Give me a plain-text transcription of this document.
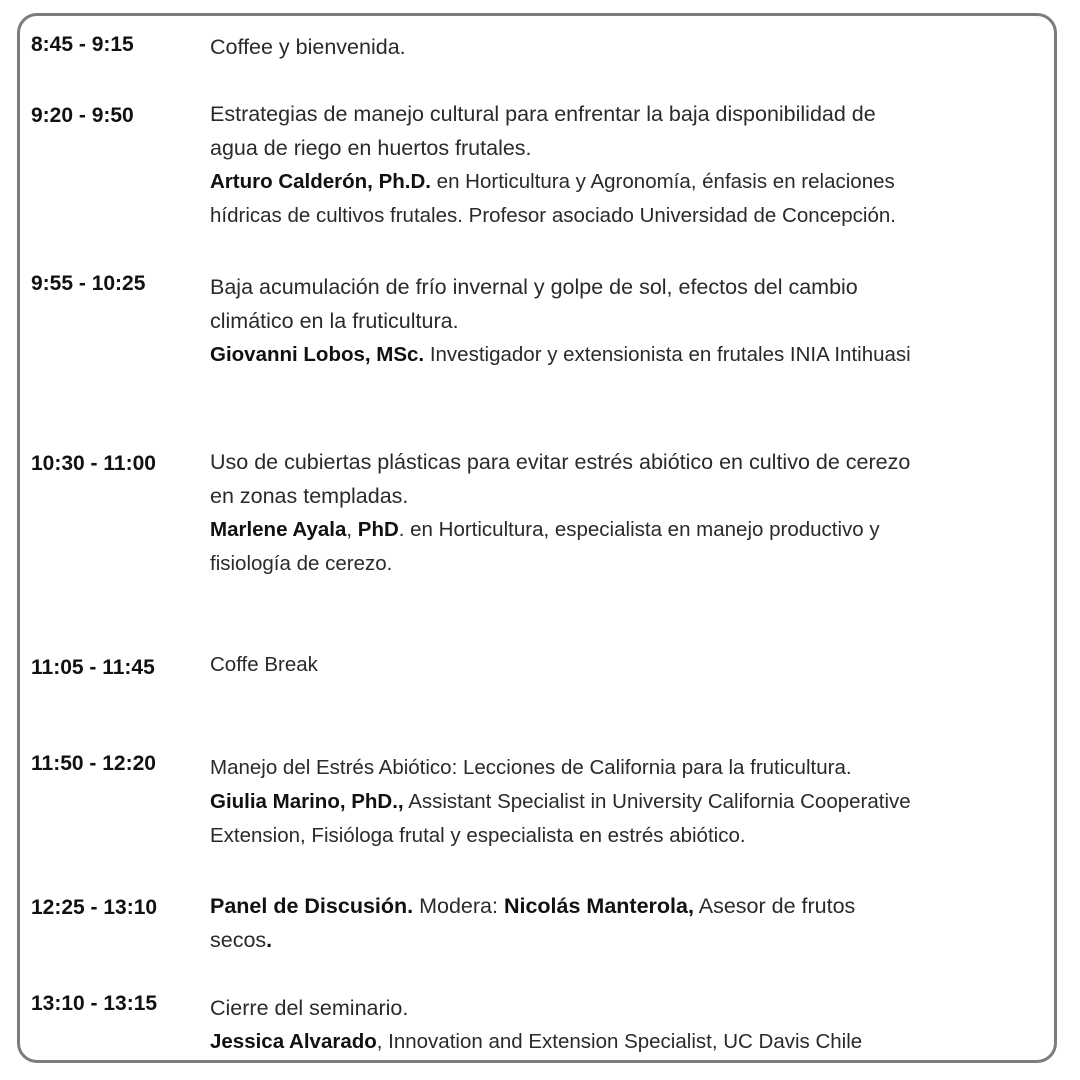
8:45 - 9:15	Coffee y bienvenida.
9:20 - 9:50	Estrategias de manejo cultural para enfrentar la baja disponibilidad de
agua de riego en huertos frutales.
Arturo Calderón, Ph.D. en Horticultura y Agronomía, énfasis en relaciones
hídricas de cultivos frutales. Profesor asociado Universidad de Concepción.
9:55 - 10:25	Baja acumulación de frío invernal y golpe de sol, efectos del cambio
climático en la fruticultura.
Giovanni Lobos, MSc. Investigador y extensionista en frutales INIA Intihuasi
10:30 - 11:00	Uso de cubiertas plásticas para evitar estrés abiótico en cultivo de cerezo
en zonas templadas.
Marlene Ayala, PhD. en Horticultura, especialista en manejo productivo y
fisiología de cerezo.
11:05 - 11:45	Coffe Break
11:50 - 12:20	Manejo del Estrés Abiótico: Lecciones de California para la fruticultura.
Giulia Marino, PhD., Assistant Specialist in University California Cooperative
Extension, Fisióloga frutal y especialista en estrés abiótico.
12:25 - 13:10 Panel de Discusión. Modera: Nicolás Manterola, Asesor de frutos
secos.
13:10 - 13:15 Cierre del seminario.
Jessica Alvarado, Innovation and Extension Specialist, UC Davis Chile
